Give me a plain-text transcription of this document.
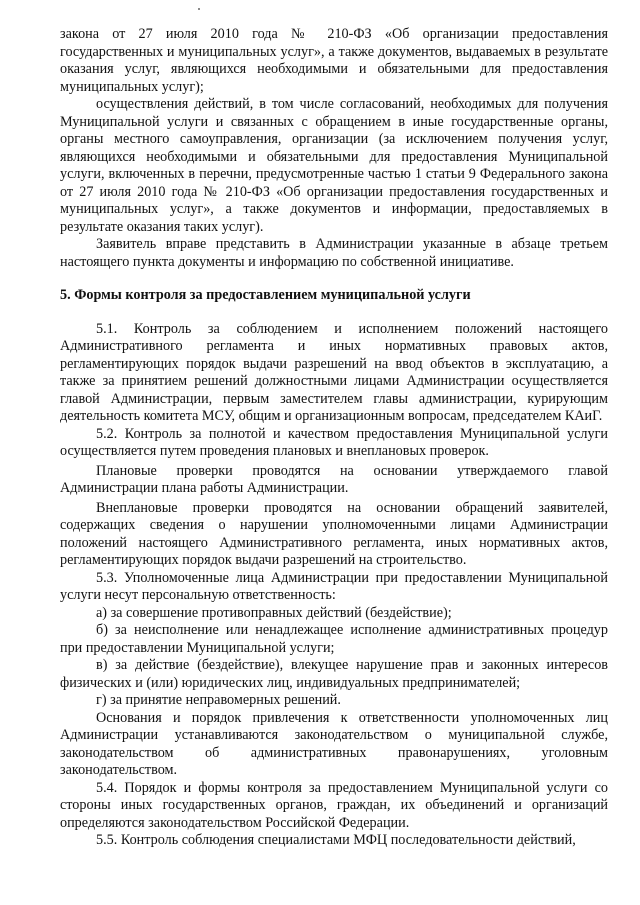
закона от 27 июля 2010 года № 210-ФЗ «Об организации предоставления государственных и муниципальных услуг», а также документов, выдаваемых в результате оказания услуг, являющихся необходимыми и обязательными для предоставления муниципальных услуг);

осуществления действий, в том числе согласований, необходимых для получения Муниципальной услуги и связанных с обращением в иные государственные органы, органы местного самоуправления, организации (за исключением получения услуг, являющихся необходимыми и обязательными для предоставления Муниципальной услуги, включенных в перечни, предусмотренные частью 1 статьи 9 Федерального закона от 27 июля 2010 года № 210-ФЗ «Об организации предоставления государственных и муниципальных услуг», а также документов и информации, предоставляемых в результате оказания таких услуг).

Заявитель вправе представить в Администрации указанные в абзаце третьем настоящего пункта документы и информацию по собственной инициативе.

5. Формы контроля за предоставлением муниципальной услуги

5.1. Контроль за соблюдением и исполнением положений настоящего Административного регламента и иных нормативных правовых актов, регламентирующих порядок выдачи разрешений на ввод объектов в эксплуатацию, а также за принятием решений должностными лицами Администрации осуществляется главой Администрации, первым заместителем главы администрации, курирующим деятельность комитета МСУ, общим и организационным вопросам, председателем КАиГ.

5.2. Контроль за полнотой и качеством предоставления Муниципальной услуги осуществляется путем проведения плановых и внеплановых проверок.

Плановые проверки проводятся на основании утверждаемого главой Администрации плана работы Администрации.

Внеплановые проверки проводятся на основании обращений заявителей, содержащих сведения о нарушении уполномоченными лицами Администрации положений настоящего Административного регламента, иных нормативных актов, регламентирующих порядок выдачи разрешений на строительство.

5.3. Уполномоченные лица Администрации при предоставлении Муниципальной услуги несут персональную ответственность:

а) за совершение противоправных действий (бездействие);

б) за неисполнение или ненадлежащее исполнение административных процедур при предоставлении Муниципальной услуги;

в) за действие (бездействие), влекущее нарушение прав и законных интересов физических и (или) юридических лиц, индивидуальных предпринимателей;

г) за принятие неправомерных решений.

Основания и порядок привлечения к ответственности уполномоченных лиц Администрации устанавливаются законодательством о муниципальной службе, законодательством об административных правонарушениях, уголовным законодательством.

5.4. Порядок и формы контроля за предоставлением Муниципальной услуги со стороны иных государственных органов, граждан, их объединений и организаций определяются законодательством Российской Федерации.

5.5. Контроль соблюдения специалистами МФЦ последовательности действий,
